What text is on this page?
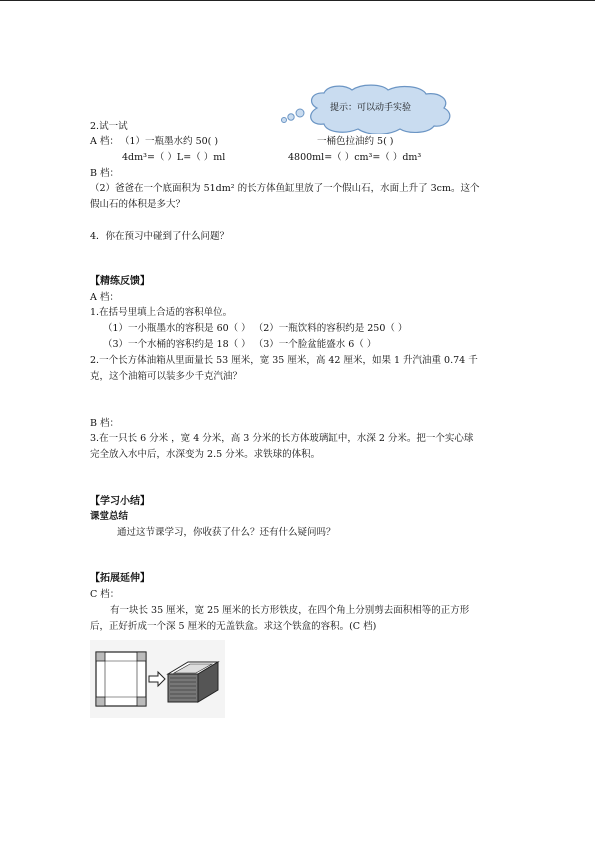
提示：可以动手实验
2.试一试
A 档： （1）一瓶墨水约 50( )	一桶色拉油约 5( )
4dm³=（ ）L=（ ）ml	4800ml=（ ）cm³=（ ）dm³
B 档：
（2）爸爸在一个底面积为 51dm² 的长方体鱼缸里放了一个假山石，水面上升了 3cm。这个
假山石的体积是多大？
4．你在预习中碰到了什么问题？
【精练反馈】
A 档：
1.在括号里填上合适的容积单位。
（1）一小瓶墨水的容积是 60（ ） （2）一瓶饮料的容积约是 250（ ）
（3）一个水桶的容积约是 18（ ） （3）一个脸盆能盛水 6（ ）
2.一个长方体油箱从里面量长 53 厘米，宽 35 厘米，高 42 厘米，如果 1 升汽油重 0.74 千
克，这个油箱可以装多少千克汽油？
B 档：
3.在一只长 6 分米 ，宽 4 分米，高 3 分米的长方体玻璃缸中，水深 2 分米。把一个实心球
完全放入水中后，水深变为 2.5 分米。求铁球的体积。
【学习小结】
课堂总结
通过这节课学习，你收获了什么？还有什么疑问吗？
【拓展延伸】
C 档：
有一块长 35 厘米，宽 25 厘米的长方形铁皮，在四个角上分别剪去面积相等的正方形
后，正好折成一个深 5 厘米的无盖铁盒。求这个铁盒的容积。(C 档)
